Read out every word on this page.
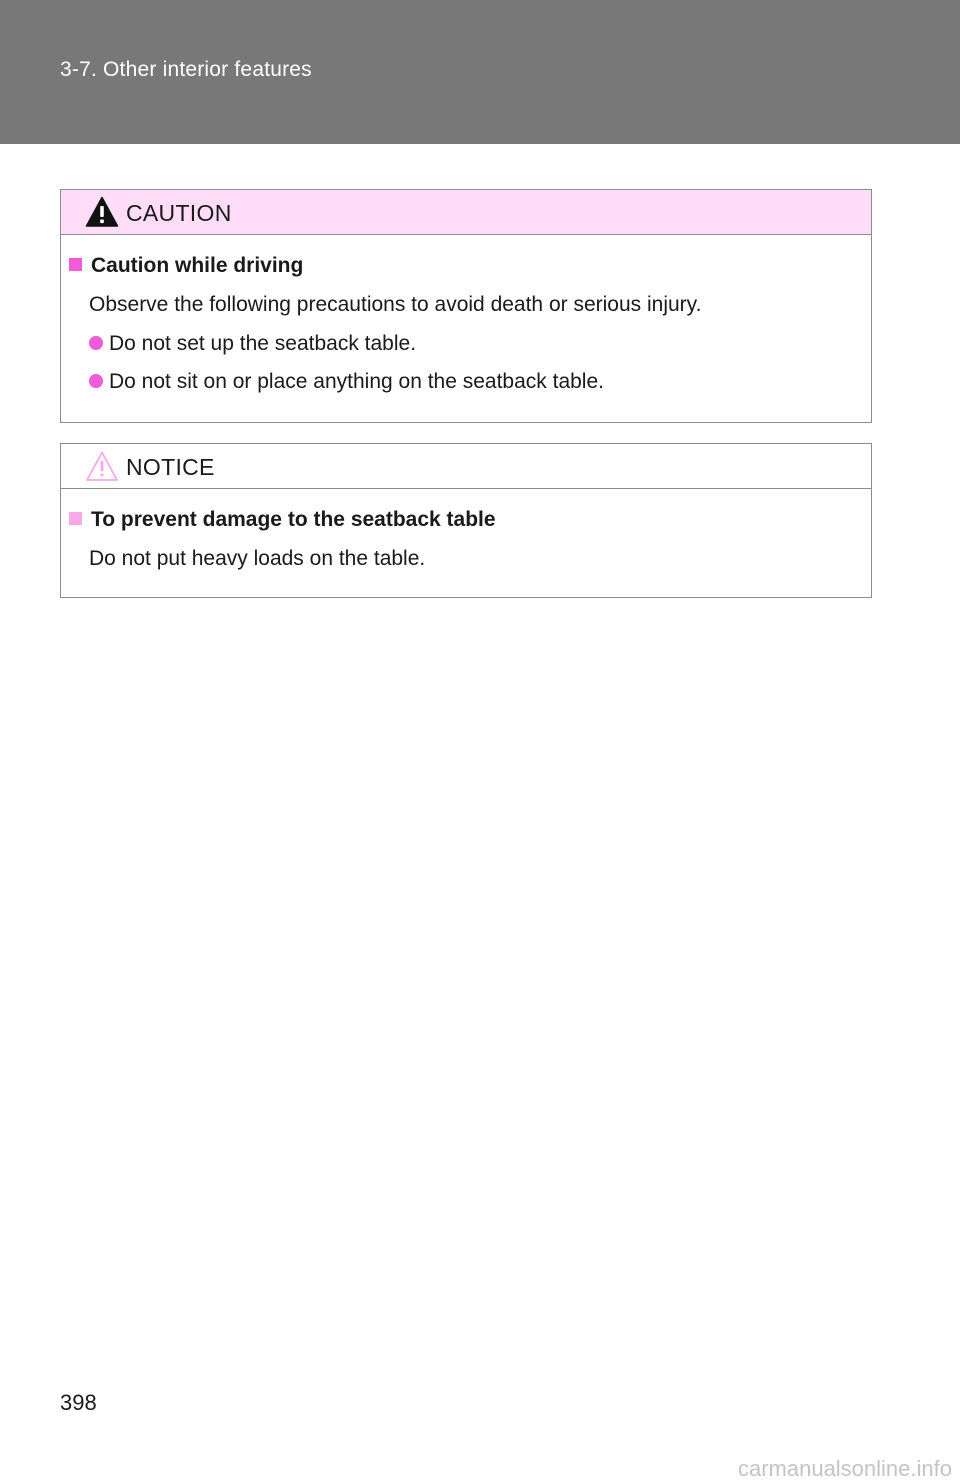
3-7. Other interior features
CAUTION
Caution while driving
Observe the following precautions to avoid death or serious injury.
Do not set up the seatback table.
Do not sit on or place anything on the seatback table.
NOTICE
To prevent damage to the seatback table
Do not put heavy loads on the table.
398
carmanualsonline.info
